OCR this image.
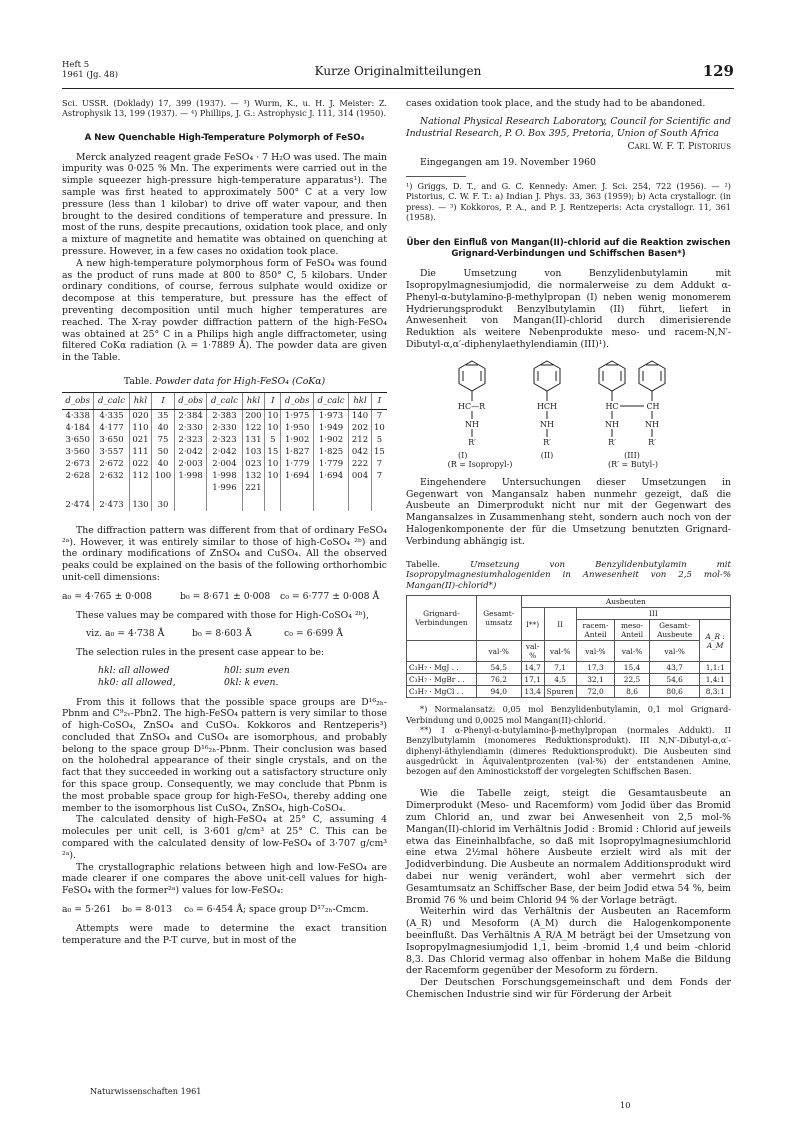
Heft 5
1961 (Jg. 48)	Kurze Originalmitteilungen	129

Sci. USSR. (Doklady) 17, 399 (1937). — ³) Wurm, K., u. H. J. Meister: Z. Astrophysik 13, 199 (1937). — ⁴) Phillips, J. G.: Astrophysic J. 111, 314 (1950).

A New Quenchable High-Temperature Polymorph of FeSO₄

Merck analyzed reagent grade FeSO₄ · 7 H₂O was used. The main impurity was 0·025 % Mn. The experiments were carried out in the simple squeezer high-pressure high-temperature apparatus¹). The sample was first heated to approximately 500° C at a very low pressure (less than 1 kilobar) to drive off water vapour, and then brought to the desired conditions of temperature and pressure. In most of the runs, despite precautions, oxidation took place, and only a mixture of magnetite and hematite was obtained on quenching at pressure. However, in a few cases no oxidation took place.

A new high-temperature polymorphous form of FeSO₄ was found as the product of runs made at 800 to 850° C, 5 kilobars. Under ordinary conditions, of course, ferrous sulphate would oxidize or decompose at this temperature, but pressure has the effect of preventing decomposition until much higher temperatures are reached. The X-ray powder diffraction pattern of the high-FeSO₄ was obtained at 25° C in a Philips high angle diffractometer, using filtered CoKα radiation (λ = 1·7889 Å). The powder data are given in the Table.

Table. Powder data for High-FeSO₄ (CoKα)
d_obs	d_calc	hkl	I	d_obs	d_calc	hkl	I	d_obs	d_calc	hkl	I
4·338	4·335	020	35	2·384	2·383	200	10	1·975	1·973	140	7
4·184	4·177	110	40	2·330	2·330	122	10	1·950	1·949	202	10
3·650	3·650	021	75	2·323	2·323	131	5	1·902	1·902	212	5
3·560	3·557	111	50	2·042	2·042	103	15	1·827	1·825	042	15
2·673	2·672	022	40	2·003	2·004	023	10	1·779	1·779	222	7
2·628	2·632	112	100	1·998	1·998	132	10	1·694	1·694	004	7
					1·996	221					
2·474	2·473	130	30								

The diffraction pattern was different from that of ordinary FeSO₄ ²ᵃ). However, it was entirely similar to those of high-CoSO₄ ²ᵇ) and the ordinary modifications of ZnSO₄ and CuSO₄. All the observed peaks could be explained on the basis of the following orthorhombic unit-cell dimensions:

a₀ = 4·765 ± 0·008	b₀ = 8·671 ± 0·008 c₀ = 6·777 ± 0·008 Å

These values may be compared with those for High-CoSO₄ ²ᵇ),

viz. a₀ = 4·738 Å	b₀ = 8·603 Å	c₀ = 6·699 Å

The selection rules in the present case appear to be:

hkl: all allowed	h0l: sum even
hk0: all allowed,	0kl: k even.

From this it follows that the possible space groups are D¹⁶₂ₕ-Pbnm and C⁹₂ᵥ-Pbn2. The high-FeSO₄ pattern is very similar to those of high-CoSO₄, ZnSO₄ and CuSO₄. Kokkoros and Rentzeperis³) concluded that ZnSO₄ and CuSO₄ are isomorphous, and probably belong to the space group D¹⁶₂ₕ-Pbnm. Their conclusion was based on the holohedral appearance of their single crystals, and on the fact that they succeeded in working out a satisfactory structure only for this space group. Consequently, we may conclude that Pbnm is the most probable space group for high-FeSO₄, thereby adding one member to the isomorphous list CuSO₄, ZnSO₄, high-CoSO₄.

The calculated density of high-FeSO₄ at 25° C, assuming 4 molecules per unit cell, is 3·601 g/cm³ at 25° C. This can be compared with the calculated density of low-FeSO₄ of 3·707 g/cm³ ²ᵃ).

The crystallographic relations between high and low-FeSO₄ are made clearer if one compares the above unit-cell values for high-FeSO₄ with the former²ᵃ) values for low-FeSO₄:

a₀ = 5·261 b₀ = 8·013 c₀ = 6·454 Å; space group D¹⁷₂ₕ-Cmcm.

Attempts were made to determine the exact transition temperature and the P-T curve, but in most of the

cases oxidation took place, and the study had to be abandoned.

National Physical Research Laboratory, Council for Scientific and Industrial Research, P. O. Box 395, Pretoria, Union of South Africa

Carl W. F. T. Pistorius

Eingegangen am 19. November 1960

¹) Griggs, D. T., and G. C. Kennedy: Amer. J. Sci. 254, 722 (1956). — ²) Pistorius, C. W. F. T.: a) Indian J. Phys. 33, 363 (1959); b) Acta crystallogr. (in press). — ³) Kokkoros, P. A., and P. J. Rentzeperis: Acta crystallogr. 11, 361 (1958).

Über den Einfluß von Mangan(II)-chlorid auf die Reaktion zwischen Grignard-Verbindungen und Schiffschen Basen*)

Die Umsetzung von Benzylidenbutylamin mit Isopropylmagnesiumjodid, die normalerweise zu dem Addukt α-Phenyl-α-butylamino-β-methylpropan (I) neben wenig monomerem Hydrierungsprodukt Benzylbutylamin (II) führt, liefert in Anwesenheit von Mangan(II)-chlorid durch dimerisierende Reduktion als weitere Nebenprodukte meso- und racem-N,N′-Dibutyl-α,α′-diphenylaethylendiamin (III)¹).

HC—R
NH
R′
HCH
NH
R′
HC	CH
NH	NH
R′	R′
(I)	(II)	(III)
(R = Isopropyl-)	(R′ = Butyl-)

Eingehendere Untersuchungen dieser Umsetzungen in Gegenwart von Mangansalz haben nunmehr gezeigt, daß die Ausbeute an Dimerprodukt nicht nur mit der Gegenwart des Mangansalzes in Zusammenhang steht, sondern auch noch von der Halogenkomponente der für die Umsetzung benutzten Grignard-Verbindung abhängig ist.

Tabelle. Umsetzung von Benzylidenbutylamin mit Isopropylmagnesiumhalogeniden in Anwesenheit von 2,5 mol-% Mangan(II)-chlorid*)

Grignard-Verbindungen	Gesamt-umsatz	Ausbeuten					
		I**)	II	III			
				racem-Anteil	meso-Anteil	Gesamt-Ausbeute	A_R : A_M
	val-%	val-%	val-%	val-%	val-%	val-%	
C₃H₇ · MgJ . .	54,5	14,7	7,1	17,3	15,4	43,7	1,1:1
C₃H₇ · MgBr . .	76,2	17,1	4,5	32,1	22,5	54,6	1,4:1
C₃H₇ · MgCl . .	94,0	13,4	Spuren	72,0	8,6	80,6	8,3:1

*) Normalansatz: 0,05 mol Benzylidenbutylamin, 0,1 mol Grignard-Verbindung und 0,0025 mol Mangan(II)-chlorid.

**) I α-Phenyl-α-butylamino-β-methylpropan (normales Addukt). II Benzylbutylamin (monomeres Reduktionsprodukt). III N,N′-Dibutyl-α,α′-diphenyl-äthylendiamin (dimeres Reduktionsprodukt). Die Ausbeuten sind ausgedrückt in Äquivalentprozenten (val-%) der entstandenen Amine, bezogen auf den Aminostickstoff der vorgelegten Schiffschen Basen.

Wie die Tabelle zeigt, steigt die Gesamtausbeute an Dimerprodukt (Meso- und Racemform) vom Jodid über das Bromid zum Chlorid an, und zwar bei Anwesenheit von 2,5 mol-% Mangan(II)-chlorid im Verhältnis Jodid : Bromid : Chlorid auf jeweils etwa das Eineinhalbfache, so daß mit Isopropylmagnesiumchlorid eine etwa 2½mal höhere Ausbeute erzielt wird als mit der Jodidverbindung. Die Ausbeute an normalem Additionsprodukt wird dabei nur wenig verändert, wohl aber vermehrt sich der Gesamtumsatz an Schiffscher Base, der beim Jodid etwa 54 %, beim Bromid 76 % und beim Chlorid 94 % der Vorlage beträgt.

Weiterhin wird das Verhältnis der Ausbeuten an Racemform (A_R) und Mesoform (A_M) durch die Halogenkomponente beeinflußt. Das Verhältnis A_R/A_M beträgt bei der Umsetzung von Isopropylmagnesiumjodid 1,1, beim -bromid 1,4 und beim -chlorid 8,3. Das Chlorid vermag also offenbar in hohem Maße die Bildung der Racemform gegenüber der Mesoform zu fördern.

Der Deutschen Forschungsgemeinschaft und dem Fonds der Chemischen Industrie sind wir für Förderung der Arbeit

Naturwissenschaften 1961
10
